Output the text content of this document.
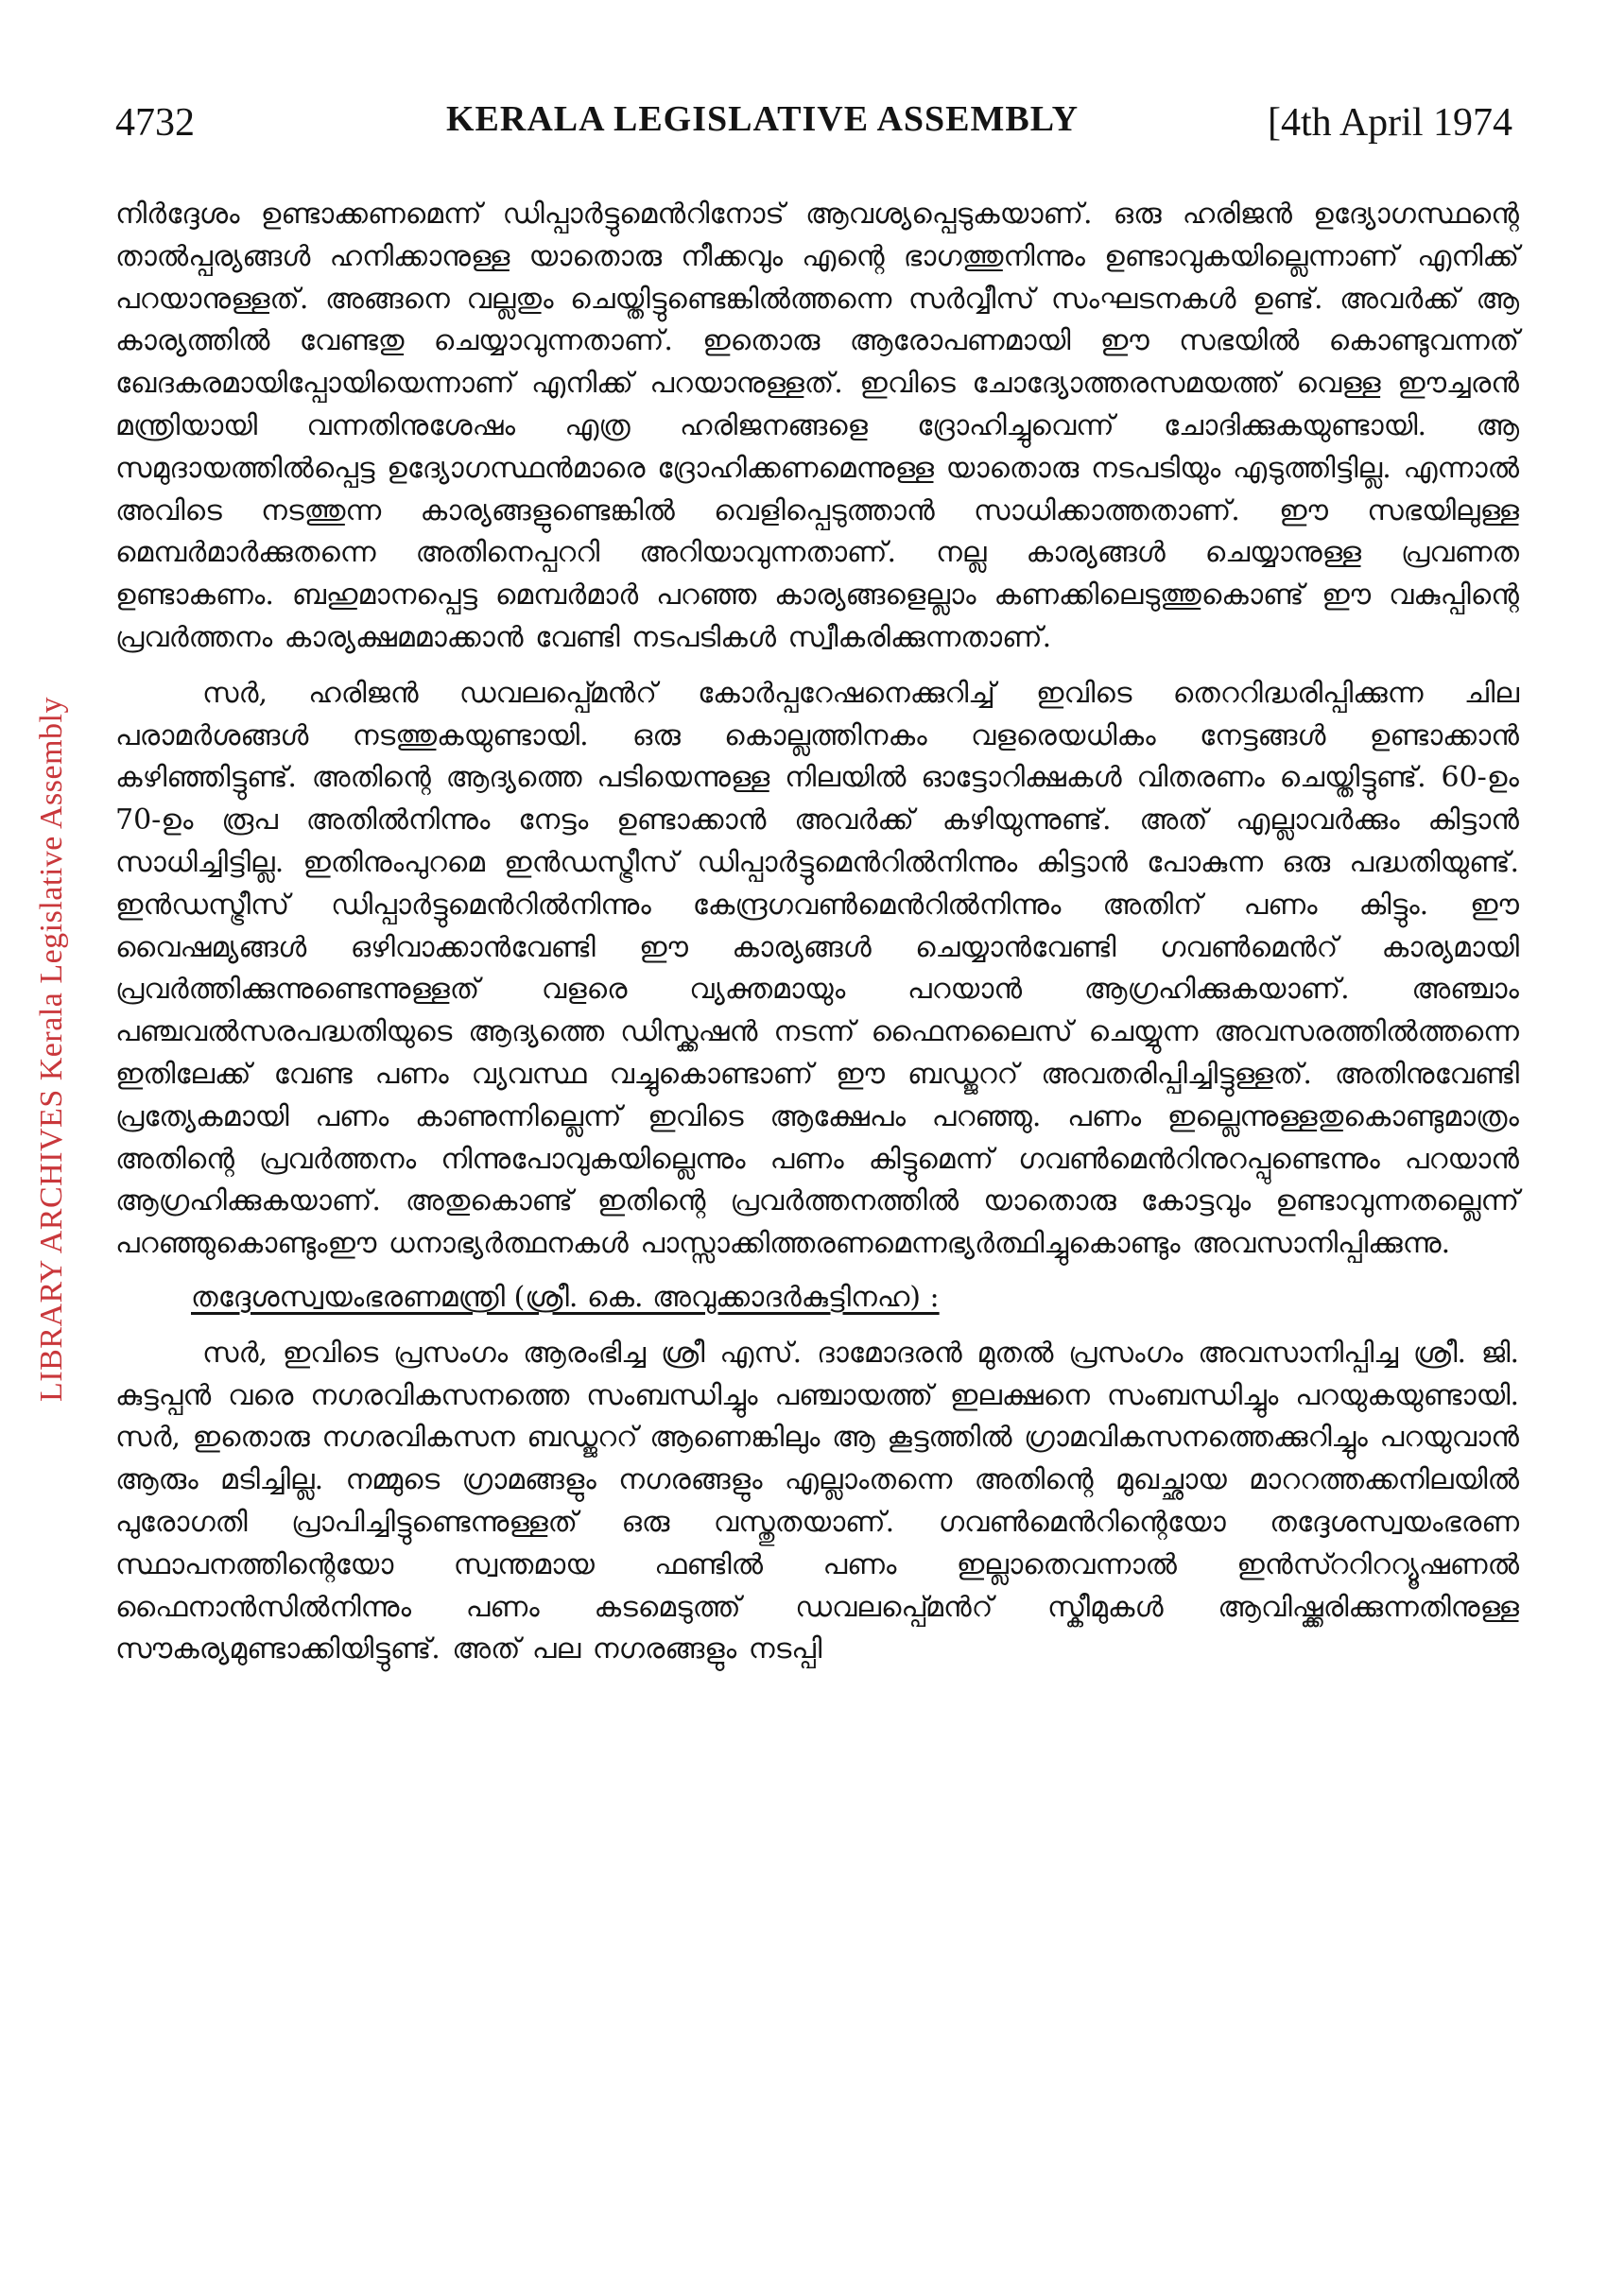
LIBRARY ARCHIVES Kerala Legislative Assembly
4732	KERALA LEGISLATIVE ASSEMBLY	[4th April 1974

നിർദ്ദേശം ഉണ്ടാക്കണമെന്ന് ഡിപ്പാർട്ടുമെൻറിനോട് ആവശ്യപ്പെടുകയാണ്. ഒരു ഹരിജൻ ഉദ്യോഗസ്ഥന്റെ താൽപ്പര്യങ്ങൾ ഹനിക്കാനുള്ള യാതൊരു നീക്കവും എന്റെ ഭാഗത്തുനിന്നും ഉണ്ടാവുകയില്ലെന്നാണ് എനിക്ക് പറയാനുള്ളത്. അങ്ങനെ വല്ലതും ചെയ്തിട്ടുണ്ടെങ്കിൽത്തന്നെ സർവ്വീസ് സംഘടനകൾ ഉണ്ട്. അവർക്ക് ആ കാര്യത്തിൽ വേണ്ടതു ചെയ്യാവുന്നതാണ്. ഇതൊരു ആരോപണമായി ഈ സഭയിൽ കൊണ്ടുവന്നത് ഖേദകരമായിപ്പോയിയെന്നാണ് എനിക്ക് പറയാനുള്ളത്. ഇവിടെ ചോദ്യോത്തരസമയത്ത് വെള്ള ഈച്ചരൻ മന്ത്രിയായി വന്നതിനുശേഷം എത്ര ഹരിജനങ്ങളെ ദ്രോഹിച്ചുവെന്ന് ചോദിക്കുകയുണ്ടായി. ആ സമുദായത്തിൽപ്പെട്ട ഉദ്യോഗസ്ഥൻമാരെ ദ്രോഹിക്കണമെന്നുള്ള യാതൊരു നടപടിയും എടുത്തിട്ടില്ല. എന്നാൽ അവിടെ നടത്തുന്ന കാര്യങ്ങളുണ്ടെങ്കിൽ വെളിപ്പെടുത്താൻ സാധിക്കാത്തതാണ്. ഈ സഭയിലുള്ള മെമ്പർമാർക്കുതന്നെ അതിനെപ്പററി അറിയാവുന്നതാണ്. നല്ല കാര്യങ്ങൾ ചെയ്യാനുള്ള പ്രവണത ഉണ്ടാകണം. ബഹുമാനപ്പെട്ട മെമ്പർമാർ പറഞ്ഞ കാര്യങ്ങളെല്ലാം കണക്കിലെടുത്തുകൊണ്ട് ഈ വകുപ്പിന്റെ പ്രവർത്തനം കാര്യക്ഷമമാക്കാൻ വേണ്ടി നടപടികൾ സ്വീകരിക്കുന്നതാണ്.

സർ, ഹരിജൻ ഡവലപ്പ്മെൻറ് കോർപ്പറേഷനെക്കുറിച്ച് ഇവിടെ തെററിദ്ധരിപ്പിക്കുന്ന ചില പരാമർശങ്ങൾ നടത്തുകയുണ്ടായി. ഒരു കൊല്ലത്തിനകം വളരെയധികം നേട്ടങ്ങൾ ഉണ്ടാക്കാൻ കഴിഞ്ഞിട്ടുണ്ട്. അതിന്റെ ആദ്യത്തെ പടിയെന്നുള്ള നിലയിൽ ഓട്ടോറിക്ഷകൾ വിതരണം ചെയ്തിട്ടുണ്ട്. 60-ഉം 70-ഉം രൂപ അതിൽനിന്നും നേട്ടം ഉണ്ടാക്കാൻ അവർക്ക് കഴിയുന്നുണ്ട്. അത് എല്ലാവർക്കും കിട്ടാൻ സാധിച്ചിട്ടില്ല. ഇതിനുംപുറമെ ഇൻഡസ്ട്രീസ് ഡിപ്പാർട്ടുമെൻറിൽനിന്നും കിട്ടാൻ പോകുന്ന ഒരു പദ്ധതിയുണ്ട്. ഇൻഡസ്ട്രീസ് ഡിപ്പാർട്ടുമെൻറിൽനിന്നും കേന്ദ്രഗവൺമെൻറിൽനിന്നും അതിന് പണം കിട്ടും. ഈ വൈഷമ്യങ്ങൾ ഒഴിവാക്കാൻവേണ്ടി ഈ കാര്യങ്ങൾ ചെയ്യാൻവേണ്ടി ഗവൺമെൻറ് കാര്യമായി പ്രവർത്തിക്കുന്നുണ്ടെന്നുള്ളത് വളരെ വ്യക്തമായും പറയാൻ ആഗ്രഹിക്കുകയാണ്. അഞ്ചാം പഞ്ചവൽസരപദ്ധതിയുടെ ആദ്യത്തെ ഡിസ്ക്കഷൻ നടന്ന് ഫൈനലൈസ് ചെയ്യുന്ന അവസരത്തിൽത്തന്നെ ഇതിലേക്ക് വേണ്ട പണം വ്യവസ്ഥ വച്ചുകൊണ്ടാണ് ഈ ബഡ്ജററ് അവതരിപ്പിച്ചിട്ടുള്ളത്. അതിനുവേണ്ടി പ്രത്യേകമായി പണം കാണുന്നില്ലെന്ന് ഇവിടെ ആക്ഷേപം പറഞ്ഞു. പണം ഇല്ലെന്നുള്ളതുകൊണ്ടുമാത്രം അതിന്റെ പ്രവർത്തനം നിന്നുപോവുകയില്ലെന്നും പണം കിട്ടുമെന്ന് ഗവൺമെൻറിനുറപ്പുണ്ടെന്നും പറയാൻ ആഗ്രഹിക്കുകയാണ്. അതുകൊണ്ട് ഇതിന്റെ പ്രവർത്തനത്തിൽ യാതൊരു കോട്ടവും ഉണ്ടാവുന്നതല്ലെന്ന് പറഞ്ഞുകൊണ്ടുംഈ ധനാഭ്യർത്ഥനകൾ പാസ്സാക്കിത്തരണമെന്നഭ്യർത്ഥിച്ചുകൊണ്ടും അവസാനിപ്പിക്കുന്നു.

തദ്ദേശസ്വയംഭരണമന്ത്രി (ശ്രീ. കെ. അവുക്കാദർകുട്ടിനഹ) :

സർ, ഇവിടെ പ്രസംഗം ആരംഭിച്ച ശ്രീ എസ്. ദാമോദരൻ മുതൽ പ്രസംഗം അവസാനിപ്പിച്ച ശ്രീ. ജി. കുട്ടപ്പൻ വരെ നഗരവികസനത്തെ സംബന്ധിച്ചും പഞ്ചായത്ത് ഇലക്ഷനെ സംബന്ധിച്ചും പറയുകയുണ്ടായി. സർ, ഇതൊരു നഗരവികസന ബഡ്ജററ് ആണെങ്കിലും ആ കൂട്ടത്തിൽ ഗ്രാമവികസനത്തെക്കുറിച്ചും പറയുവാൻ ആരും മടിച്ചില്ല. നമ്മുടെ ഗ്രാമങ്ങളും നഗരങ്ങളും എല്ലാംതന്നെ അതിന്റെ മുഖച്ഛായ മാററത്തക്കനിലയിൽ പുരോഗതി പ്രാപിച്ചിട്ടുണ്ടെന്നുള്ളത് ഒരു വസ്തുതയാണ്. ഗവൺമെൻറിന്റെയോ തദ്ദേശസ്വയംഭരണ സ്ഥാപനത്തിന്റെയോ സ്വന്തമായ ഫണ്ടിൽ പണം ഇല്ലാതെവന്നാൽ ഇൻസ്ററിററ്യൂഷണൽ ഫൈനാൻസിൽനിന്നും പണം കടമെടുത്ത് ഡവലപ്പ്മെൻറ് സ്കീമുകൾ ആവിഷ്ക്കരിക്കുന്നതിനുള്ള സൗകര്യമുണ്ടാക്കിയിട്ടുണ്ട്. അത് പല നഗരങ്ങളും നടപ്പി
